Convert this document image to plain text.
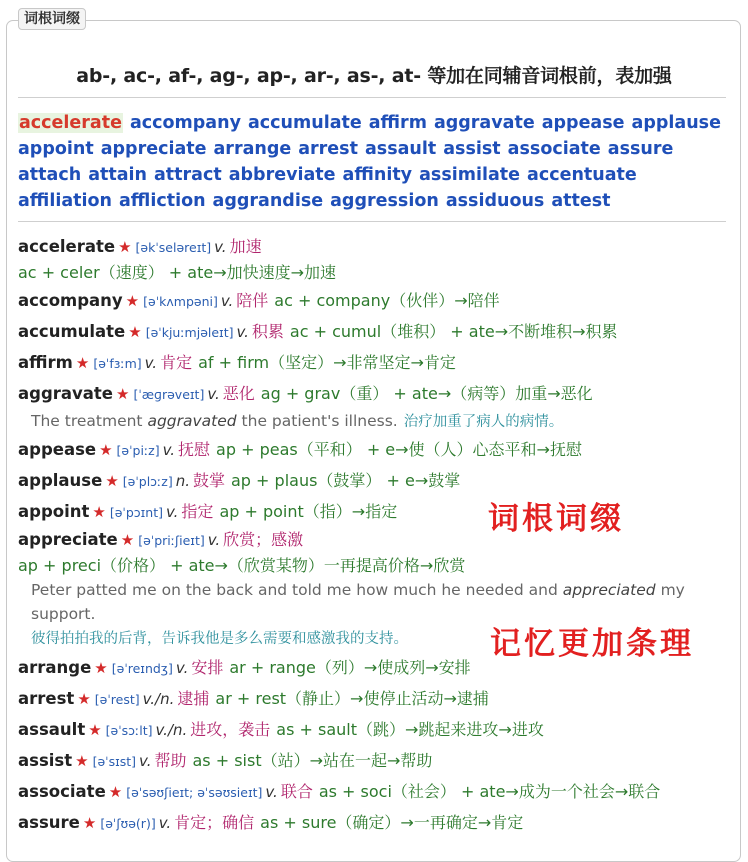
词根词缀
ab-, ac-, af-, ag-, ap-, ar-, as-, at- 等加在同辅音词根前，表加强
accelerate accompany accumulate affirm aggravate appease applause
appoint appreciate arrange arrest assault assist associate assure
attach attain attract abbreviate affinity assimilate accentuate
affiliation affliction aggrandise aggression assiduous attest
accelerate ★ [əkˈseləreɪt] v. 加速
ac + celer（速度） + ate→加快速度→加速
accompany ★ [əˈkʌmpəni] v. 陪伴 ac + company（伙伴）→陪伴
accumulate ★ [əˈkjuːmjəleɪt] v. 积累 ac + cumul（堆积） + ate→不断堆积→积累
affirm ★ [əˈfɜːm] v. 肯定 af + firm（坚定）→非常坚定→肯定
aggravate ★ [ˈæɡrəveɪt] v. 恶化 ag + grav（重） + ate→（病等）加重→恶化
The treatment aggravated the patient's illness. 治疗加重了病人的病情。
appease ★ [əˈpiːz] v. 抚慰 ap + peas（平和） + e→使（人）心态平和→抚慰
applause ★ [əˈplɔːz] n. 鼓掌 ap + plaus（鼓掌） + e→鼓掌
appoint ★ [əˈpɔɪnt] v. 指定 ap + point（指）→指定
appreciate ★ [əˈpriːʃieɪt] v. 欣赏；感激
ap + preci（价格） + ate→（欣赏某物）一再提高价格→欣赏
Peter patted me on the back and told me how much he needed and appreciated my support.
彼得拍拍我的后背，告诉我他是多么需要和感激我的支持。
arrange ★ [əˈreɪndʒ] v. 安排 ar + range（列）→使成列→安排
arrest ★ [əˈrest] v./n. 逮捕 ar + rest（静止）→使停止活动→逮捕
assault ★ [əˈsɔːlt] v./n. 进攻，袭击 as + sault（跳）→跳起来进攻→进攻
assist ★ [əˈsɪst] v. 帮助 as + sist（站）→站在一起→帮助
associate ★ [əˈsəʊʃieɪt; əˈsəʊsieɪt] v. 联合 as + soci（社会） + ate→成为一个社会→联合
assure ★ [əˈʃʊə(r)] v. 肯定；确信 as + sure（确定）→一再确定→肯定
词根词缀
记忆更加条理
